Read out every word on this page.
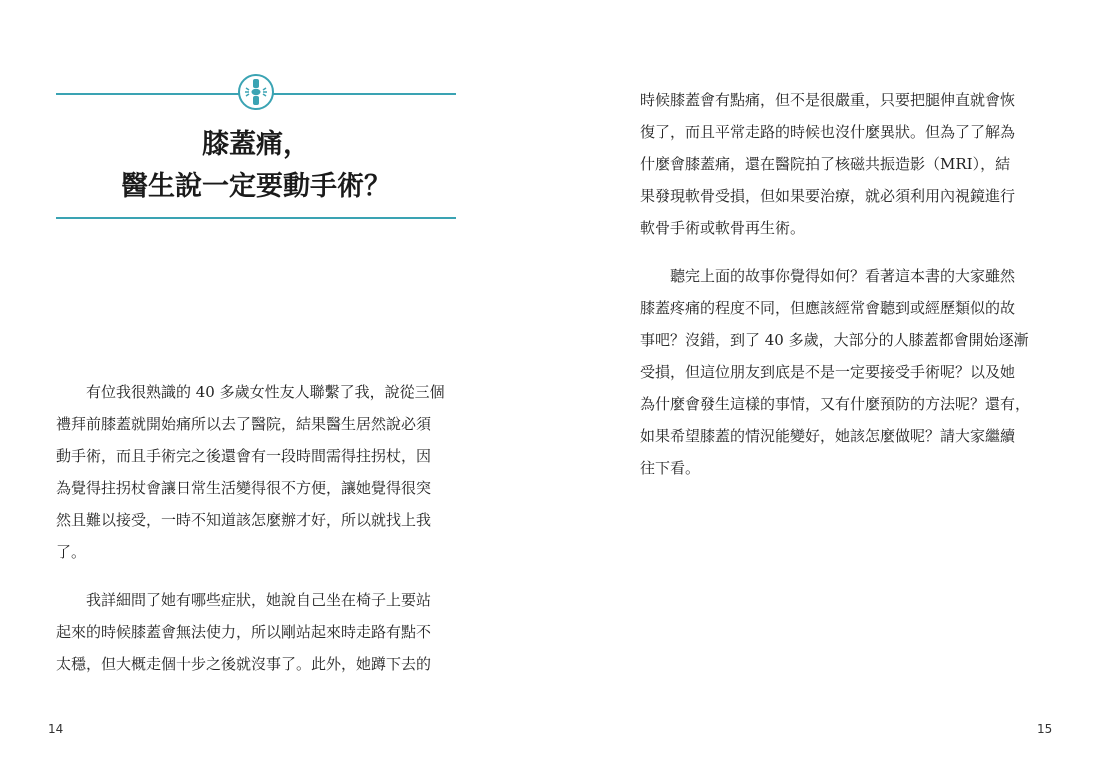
膝蓋痛，
醫生說一定要動手術？

　　有位我很熟識的 40 多歲女性友人聯繫了我，說從三個
禮拜前膝蓋就開始痛所以去了醫院，結果醫生居然說必須
動手術，而且手術完之後還會有一段時間需得拄拐杖，因
為覺得拄拐杖會讓日常生活變得很不方便，讓她覺得很突
然且難以接受，一時不知道該怎麼辦才好，所以就找上我
了。

　　我詳細問了她有哪些症狀，她說自己坐在椅子上要站
起來的時候膝蓋會無法使力，所以剛站起來時走路有點不
太穩，但大概走個十步之後就沒事了。此外，她蹲下去的

14

時候膝蓋會有點痛，但不是很嚴重，只要把腿伸直就會恢
復了，而且平常走路的時候也沒什麼異狀。但為了了解為
什麼會膝蓋痛，還在醫院拍了核磁共振造影（MRI），結
果發現軟骨受損，但如果要治療，就必須利用內視鏡進行
軟骨手術或軟骨再生術。

　　聽完上面的故事你覺得如何？看著這本書的大家雖然
膝蓋疼痛的程度不同，但應該經常會聽到或經歷類似的故
事吧？沒錯，到了 40 多歲，大部分的人膝蓋都會開始逐漸
受損，但這位朋友到底是不是一定要接受手術呢？以及她
為什麼會發生這樣的事情，又有什麼預防的方法呢？還有，
如果希望膝蓋的情況能變好，她該怎麼做呢？請大家繼續
往下看。

15
